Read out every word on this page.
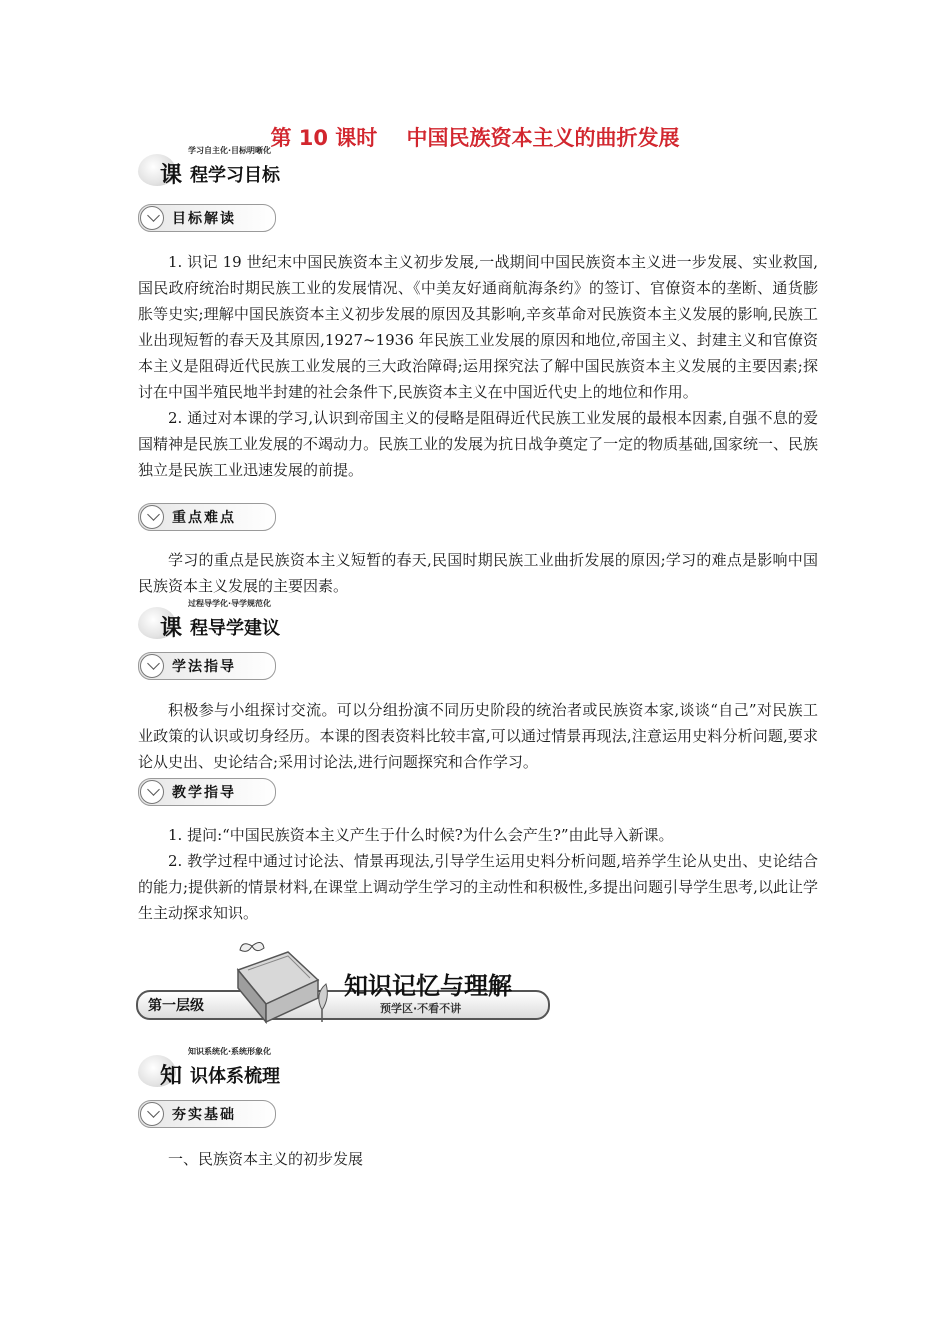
第 10 课时    中国民族资本主义的曲折发展
学习自主化·目标明晰化
课 程学习目标
目标解读

1. 识记 19 世纪末中国民族资本主义初步发展,一战期间中国民族资本主义进一步发展、实业救国,国民政府统治时期民族工业的发展情况、《中美友好通商航海条约》的签订、官僚资本的垄断、通货膨胀等史实;理解中国民族资本主义初步发展的原因及其影响,辛亥革命对民族资本主义发展的影响,民族工业出现短暂的春天及其原因,1927~1936 年民族工业发展的原因和地位,帝国主义、封建主义和官僚资本主义是阻碍近代民族工业发展的三大政治障碍;运用探究法了解中国民族资本主义发展的主要因素;探讨在中国半殖民地半封建的社会条件下,民族资本主义在中国近代史上的地位和作用。

2. 通过对本课的学习,认识到帝国主义的侵略是阻碍近代民族工业发展的最根本因素,自强不息的爱国精神是民族工业发展的不竭动力。民族工业的发展为抗日战争奠定了一定的物质基础,国家统一、民族独立是民族工业迅速发展的前提。

重点难点

学习的重点是民族资本主义短暂的春天,民国时期民族工业曲折发展的原因;学习的难点是影响中国民族资本主义发展的主要因素。

过程导学化·导学规范化
课 程导学建议
学法指导

积极参与小组探讨交流。可以分组扮演不同历史阶段的统治者或民族资本家,谈谈“自己”对民族工业政策的认识或切身经历。本课的图表资料比较丰富,可以通过情景再现法,注意运用史料分析问题,要求论从史出、史论结合;采用讨论法,进行问题探究和合作学习。

教学指导

1. 提问:“中国民族资本主义产生于什么时候?为什么会产生?”由此导入新课。

2. 教学过程中通过讨论法、情景再现法,引导学生运用史料分析问题,培养学生论从史出、史论结合的能力;提供新的情景材料,在课堂上调动学生学习的主动性和积极性,多提出问题引导学生思考,以此让学生主动探求知识。

第一层级
知识记忆与理解
预学区·不看不讲
知识系统化·系统形象化
知 识体系梳理
夯实基础

一、民族资本主义的初步发展
